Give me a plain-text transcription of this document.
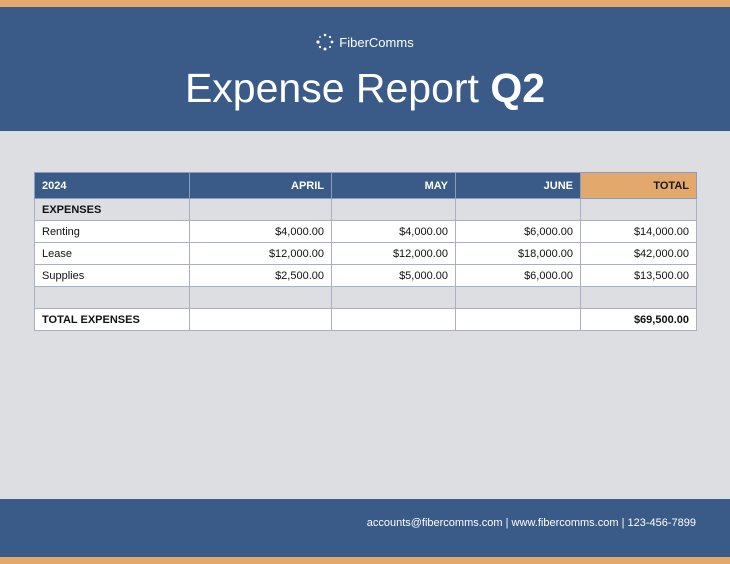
FiberComms
Expense Report Q2
2024	APRIL	MAY	JUNE	TOTAL
EXPENSES				
Renting	$4,000.00	$4,000.00	$6,000.00	$14,000.00
Lease	$12,000.00	$12,000.00	$18,000.00	$42,000.00
Supplies	$2,500.00	$5,000.00	$6,000.00	$13,500.00

TOTAL EXPENSES				$69,500.00
accounts@fibercomms.com | www.fibercomms.com | 123-456-7899
